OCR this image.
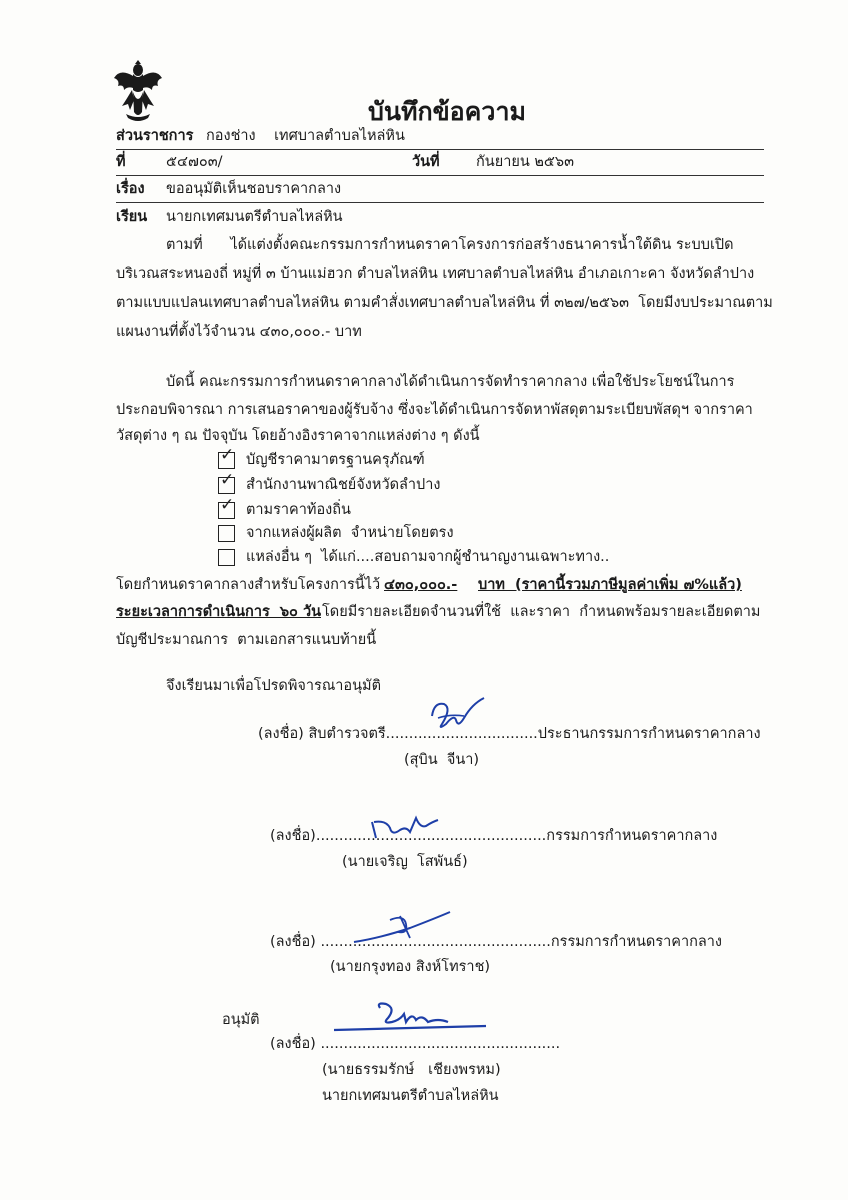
บันทึกข้อความ
ส่วนราชการ กองช่าง    เทศบาลตำบลไหล่หิน
ที่	๕๔๗๐๓/	วันที่	กันยายน ๒๕๖๓
เรื่อง ขออนุมัติเห็นชอบราคากลาง
เรียน นายกเทศมนตรีตำบลไหล่หิน
ตามที่      ได้แต่งตั้งคณะกรรมการกำหนดราคาโครงการก่อสร้างธนาคารน้ำใต้ดิน ระบบเปิด
บริเวณสระหนองถี่ หมู่ที่ ๓ บ้านแม่ฮวก ตำบลไหล่หิน เทศบาลตำบลไหล่หิน อำเภอเกาะคา จังหวัดลำปาง
ตามแบบแปลนเทศบาลตำบลไหล่หิน ตามคำสั่งเทศบาลตำบลไหล่หิน ที่ ๓๒๗/๒๕๖๓  โดยมีงบประมาณตาม
แผนงานที่ตั้งไว้จำนวน ๔๓๐,๐๐๐.- บาท
บัดนี้ คณะกรรมการกำหนดราคากลางได้ดำเนินการจัดทำราคากลาง เพื่อใช้ประโยชน์ในการ
ประกอบพิจารณา การเสนอราคาของผู้รับจ้าง ซึ่งจะได้ดำเนินการจัดหาพัสดุตามระเบียบพัสดุฯ จากราคา
วัสดุต่าง ๆ ณ ปัจจุบัน โดยอ้างอิงราคาจากแหล่งต่าง ๆ ดังนี้
✓ บัญชีราคามาตรฐานครุภัณฑ์
✓ สำนักงานพาณิชย์จังหวัดลำปาง
✓ ตามราคาท้องถิ่น
จากแหล่งผู้ผลิต  จำหน่ายโดยตรง
แหล่งอื่น ๆ  ได้แก่....สอบถามจากผู้ชำนาญงานเฉพาะทาง..
โดยกำหนดราคากลางสำหรับโครงการนี้ไว้ ๔๓๐,๐๐๐.- บาท  (ราคานี้รวมภาษีมูลค่าเพิ่ม ๗%แล้ว)
ระยะเวลาการดำเนินการ  ๖๐ วัน โดยมีรายละเอียดจำนวนที่ใช้  และราคา  กำหนดพร้อมรายละเอียดตาม
บัญชีประมาณการ  ตามเอกสารแนบท้ายนี้
จึงเรียนมาเพื่อโปรดพิจารณาอนุมัติ
(ลงชื่อ) สิบตำรวจตรี.................................ประธานกรรมการกำหนดราคากลาง
(สุบิน  จีนา)
(ลงชื่อ)..................................................กรรมการกำหนดราคากลาง
(นายเจริญ  โสพันธ์)
(ลงชื่อ) ..................................................กรรมการกำหนดราคากลาง
(นายกรุงทอง สิงห์โทราช)
อนุมัติ
(ลงชื่อ) ....................................................
(นายธรรมรักษ์   เชียงพรหม)
นายกเทศมนตรีตำบลไหล่หิน
